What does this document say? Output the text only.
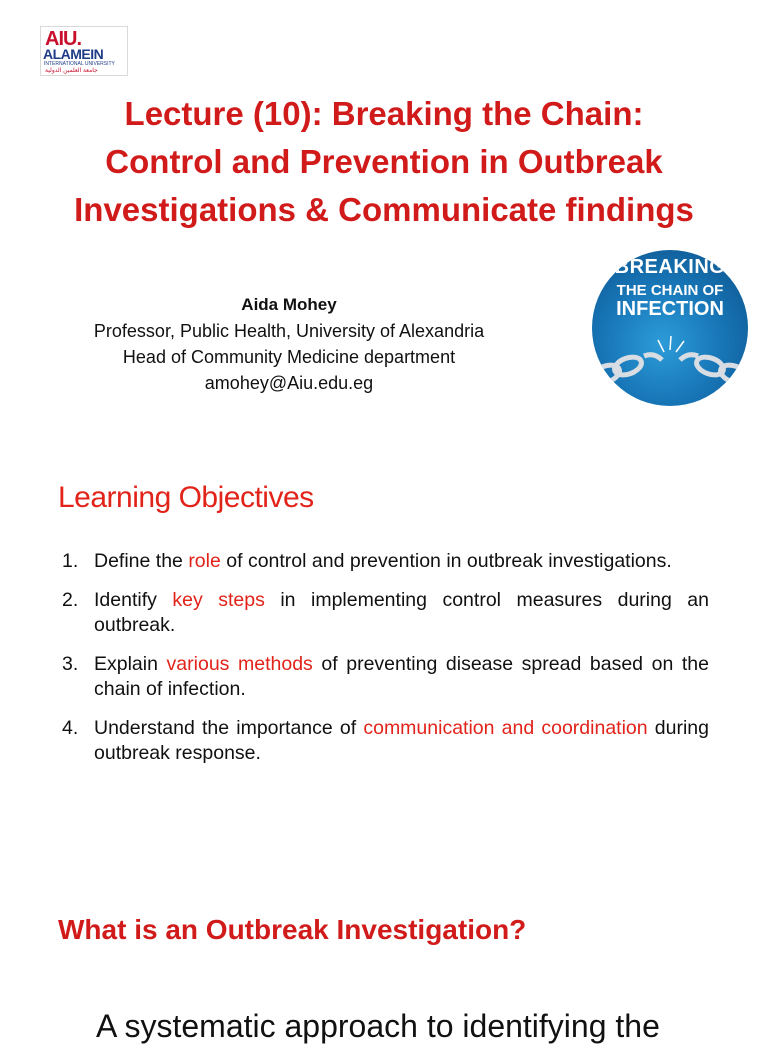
AIU.
ALAMEIN
INTERNATIONAL UNIVERSITY
جامعة العلمين الدولية
Lecture (10): Breaking the Chain:
Control and Prevention in Outbreak
Investigations & Communicate findings
Aida Mohey
Professor, Public Health, University of Alexandria
Head of Community Medicine department
amohey@Aiu.edu.eg
BREAKING
THE CHAIN OF
INFECTION
Learning Objectives
1. Define the role of control and prevention in outbreak investigations.
2. Identify key steps in implementing control measures during an outbreak.
3. Explain various methods of preventing disease spread based on the chain of infection.
4. Understand the importance of communication and coordination during outbreak response.
What is an Outbreak Investigation?
A systematic approach to identifying the
